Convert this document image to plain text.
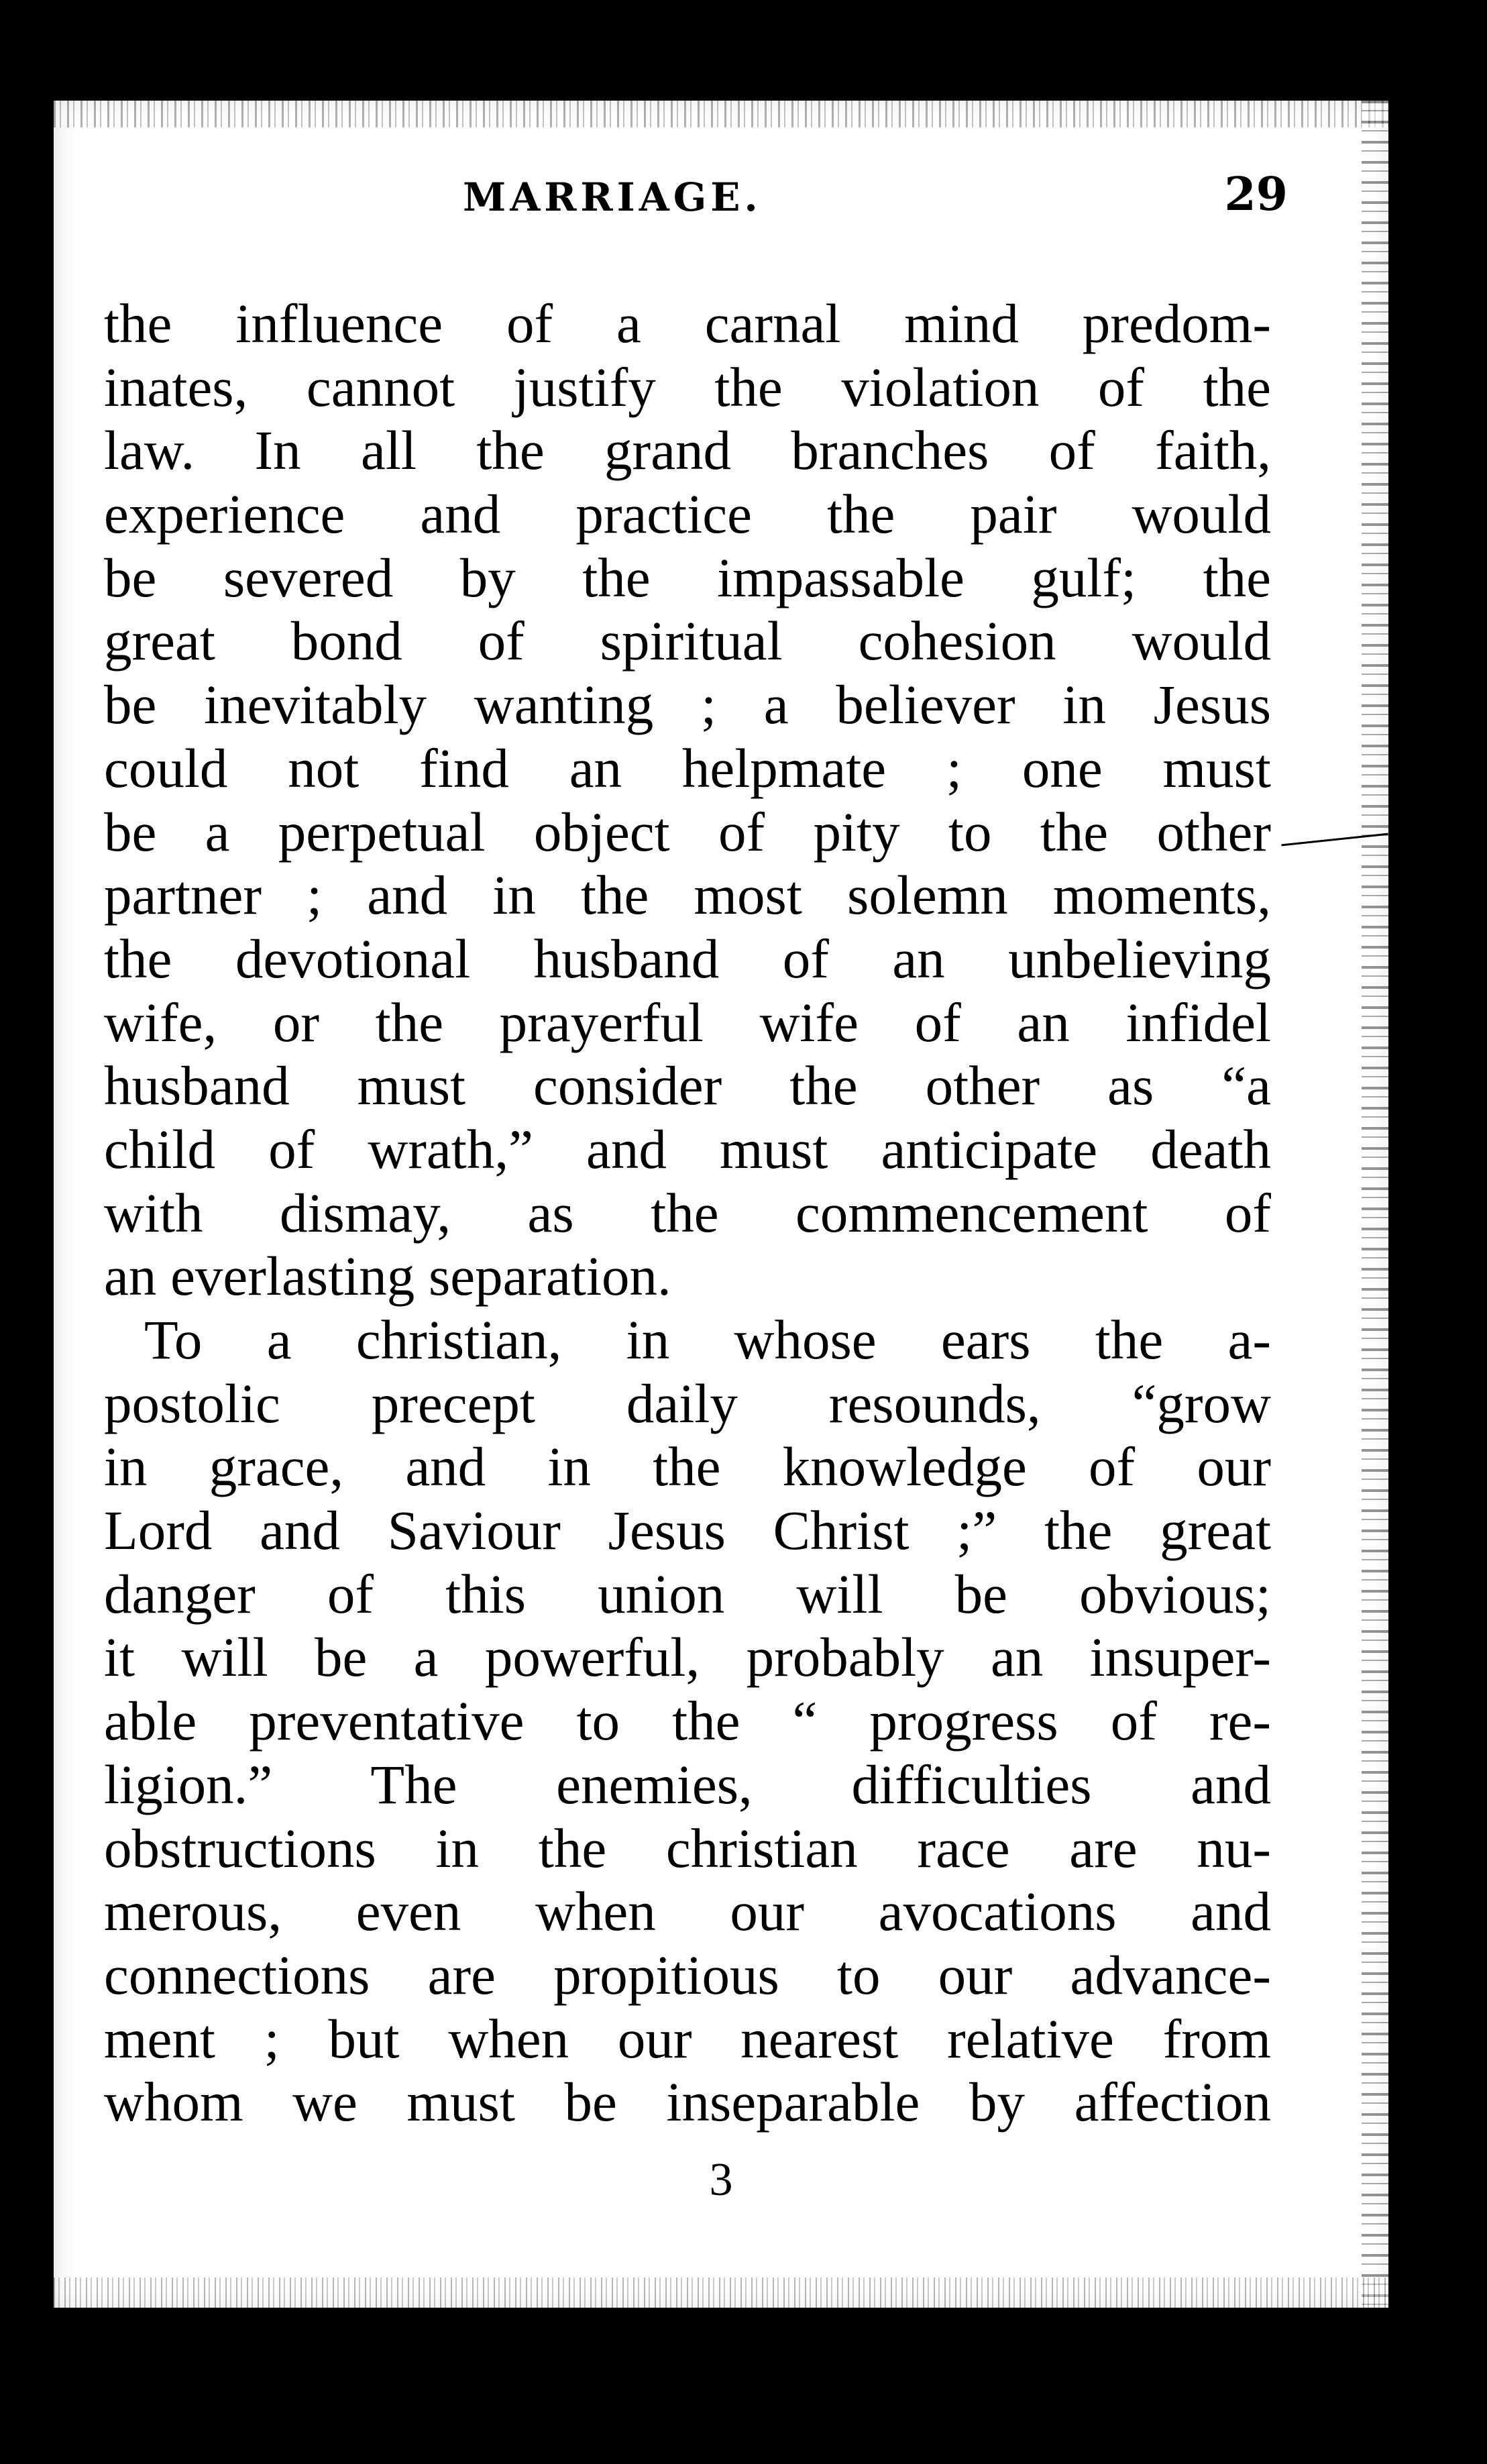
MARRIAGE.	29
the influence of a carnal mind predom-
inates, cannot justify the violation of the
law. In all the grand branches of faith,
experience and practice the pair would
be severed by the impassable gulf; the
great bond of spiritual cohesion would
be inevitably wanting ; a believer in Jesus
could not find an helpmate ; one must
be a perpetual object of pity to the other
partner ; and in the most solemn moments,
the devotional husband of an unbelieving
wife, or the prayerful wife of an infidel
husband must consider the other as “a
child of wrath,” and must anticipate death
with dismay, as the commencement of
an everlasting separation.
To a christian, in whose ears the a-
postolic precept daily resounds, “grow
in grace, and in the knowledge of our
Lord and Saviour Jesus Christ ;” the great
danger of this union will be obvious;
it will be a powerful, probably an insuper-
able preventative to the “ progress of re-
ligion.” The enemies, difficulties and
obstructions in the christian race are nu-
merous, even when our avocations and
connections are propitious to our advance-
ment ; but when our nearest relative from
whom we must be inseparable by affection
3
